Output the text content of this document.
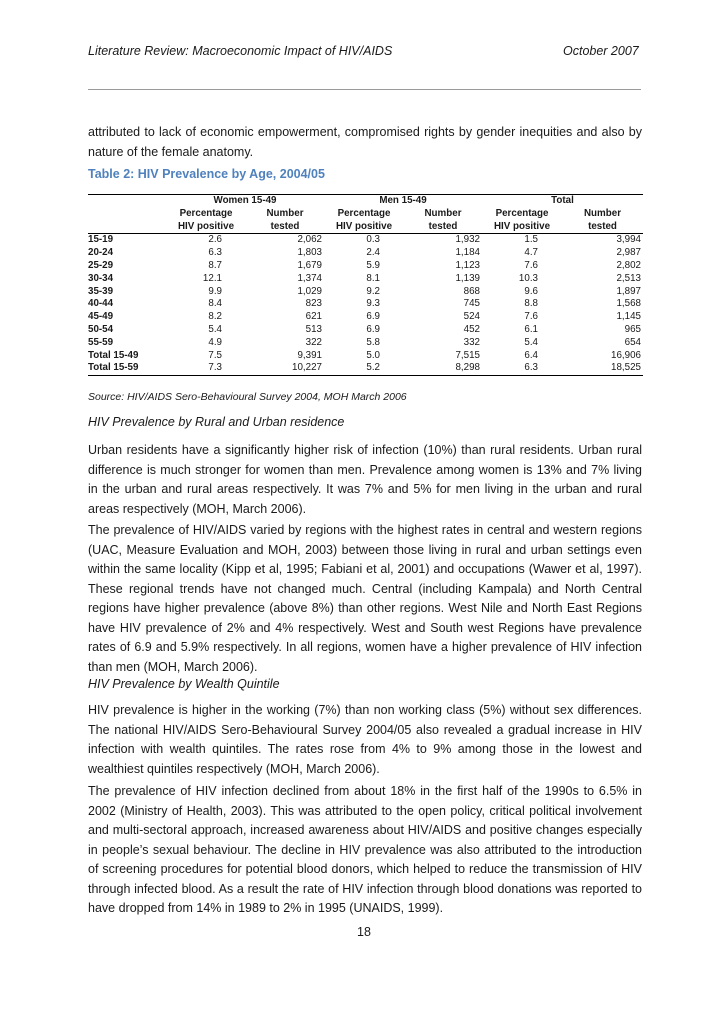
Literature Review: Macroeconomic Impact of HIV/AIDS	October 2007
attributed to lack of economic empowerment, compromised rights by gender inequities and also by nature of the female anatomy.
Table 2: HIV Prevalence by Age, 2004/05
	Women 15-49		Men 15-49		Total	
	Percentage	Number	Percentage	Number	Percentage	Number
	HIV positive	tested	HIV positive	tested	HIV positive	tested
15-19	2.6	2,062	0.3	1,932	1.5	3,994
20-24	6.3	1,803	2.4	1,184	4.7	2,987
25-29	8.7	1,679	5.9	1,123	7.6	2,802
30-34	12.1	1,374	8.1	1,139	10.3	2,513
35-39	9.9	1,029	9.2	868	9.6	1,897
40-44	8.4	823	9.3	745	8.8	1,568
45-49	8.2	621	6.9	524	7.6	1,145
50-54	5.4	513	6.9	452	6.1	965
55-59	4.9	322	5.8	332	5.4	654
Total 15-49	7.5	9,391	5.0	7,515	6.4	16,906
Total 15-59	7.3	10,227	5.2	8,298	6.3	18,525
Source: HIV/AIDS Sero-Behavioural Survey 2004, MOH March 2006
HIV Prevalence by Rural and Urban residence
Urban residents have a significantly higher risk of infection (10%) than rural residents. Urban rural difference is much stronger for women than men. Prevalence among women is 13% and 7% living in the urban and rural areas respectively. It was 7% and 5% for men living in the urban and rural areas respectively (MOH, March 2006).
The prevalence of HIV/AIDS varied by regions with the highest rates in central and western regions (UAC, Measure Evaluation and MOH, 2003) between those living in rural and urban settings even within the same locality (Kipp et al, 1995; Fabiani et al, 2001) and occupations (Wawer et al, 1997). These regional trends have not changed much. Central (including Kampala) and North Central regions have higher prevalence (above 8%) than other regions. West Nile and North East Regions have HIV prevalence of 2% and 4% respectively. West and South west Regions have prevalence rates of 6.9 and 5.9% respectively. In all regions, women have a higher prevalence of HIV infection than men (MOH, March 2006).
HIV Prevalence by Wealth Quintile
HIV prevalence is higher in the working (7%) than non working class (5%) without sex differences. The national HIV/AIDS Sero-Behavioural Survey 2004/05 also revealed a gradual increase in HIV infection with wealth quintiles. The rates rose from 4% to 9% among those in the lowest and wealthiest quintiles respectively (MOH, March 2006).
The prevalence of HIV infection declined from about 18% in the first half of the 1990s to 6.5% in 2002 (Ministry of Health, 2003). This was attributed to the open policy, critical political involvement and multi-sectoral approach, increased awareness about HIV/AIDS and positive changes especially in people’s sexual behaviour. The decline in HIV prevalence was also attributed to the introduction of screening procedures for potential blood donors, which helped to reduce the transmission of HIV through infected blood. As a result the rate of HIV infection through blood donations was reported to have dropped from 14% in 1989 to 2% in 1995 (UNAIDS, 1999).
18
